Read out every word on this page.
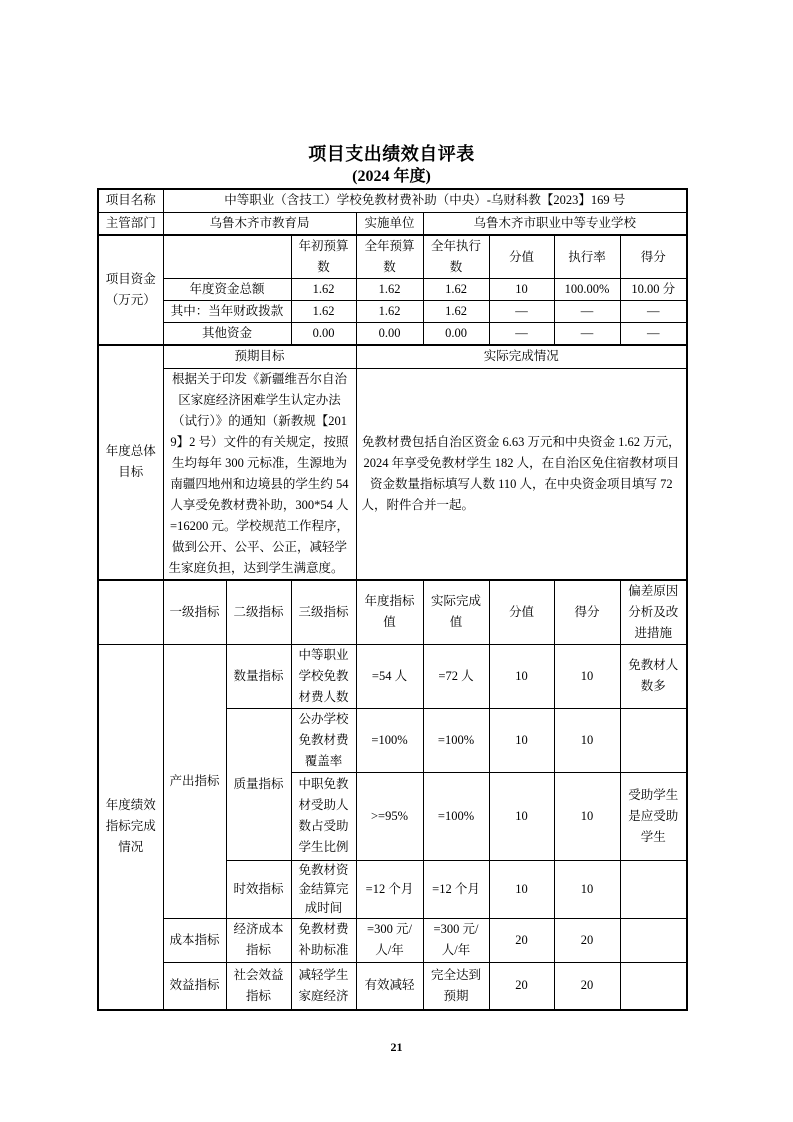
项目支出绩效自评表
(2024 年度)
项目名称	中等职业（含技工）学校免教材费补助（中央）-乌财科教【2023】169 号							
主管部门	乌鲁木齐市教育局			实施单位	乌鲁木齐市职业中等专业学校			
项目资金（万元）			年初预算数	全年预算数	全年执行数	分值	执行率	得分
	年度资金总额		1.62	1.62	1.62	10	100.00%	10.00 分
	其中：当年财政拨款		1.62	1.62	1.62	—	—	—
	其他资金		0.00	0.00	0.00	—	—	—
年度总体目标	预期目标			实际完成情况				
	根据关于印发《新疆维吾尔自治区家庭经济困难学生认定办法（试行）》的通知（新教规【2019】2 号）文件的有关规定，按照生均每年 300 元标准，生源地为南疆四地州和边境县的学生约 54 人享受免教材费补助，300*54 人=16200 元。学校规范工作程序，做到公开、公平、公正，减轻学生家庭负担，达到学生满意度。			免教材费包括自治区资金 6.63 万元和中央资金 1.62 万元，2024 年享受免教材学生 182 人，在自治区免住宿教材项目资金数量指标填写人数 110 人，在中央资金项目填写 72 人，附件合并一起。				
	一级指标	二级指标	三级指标	年度指标值	实际完成值	分值	得分	偏差原因分析及改进措施
年度绩效指标完成情况	产出指标	数量指标	中等职业学校免教材费人数	=54 人	=72 人	10	10	免教材人数多
		质量指标	公办学校免教材费覆盖率	=100%	=100%	10	10	
			中职免教材受助人数占受助学生比例	>=95%	=100%	10	10	受助学生是应受助学生
		时效指标	免教材资金结算完成时间	=12 个月	=12 个月	10	10	
	成本指标	经济成本指标	免教材费补助标准	=300 元/人/年	=300 元/人/年	20	20	
	效益指标	社会效益指标	减轻学生家庭经济	有效减轻	完全达到预期	20	20	
21
